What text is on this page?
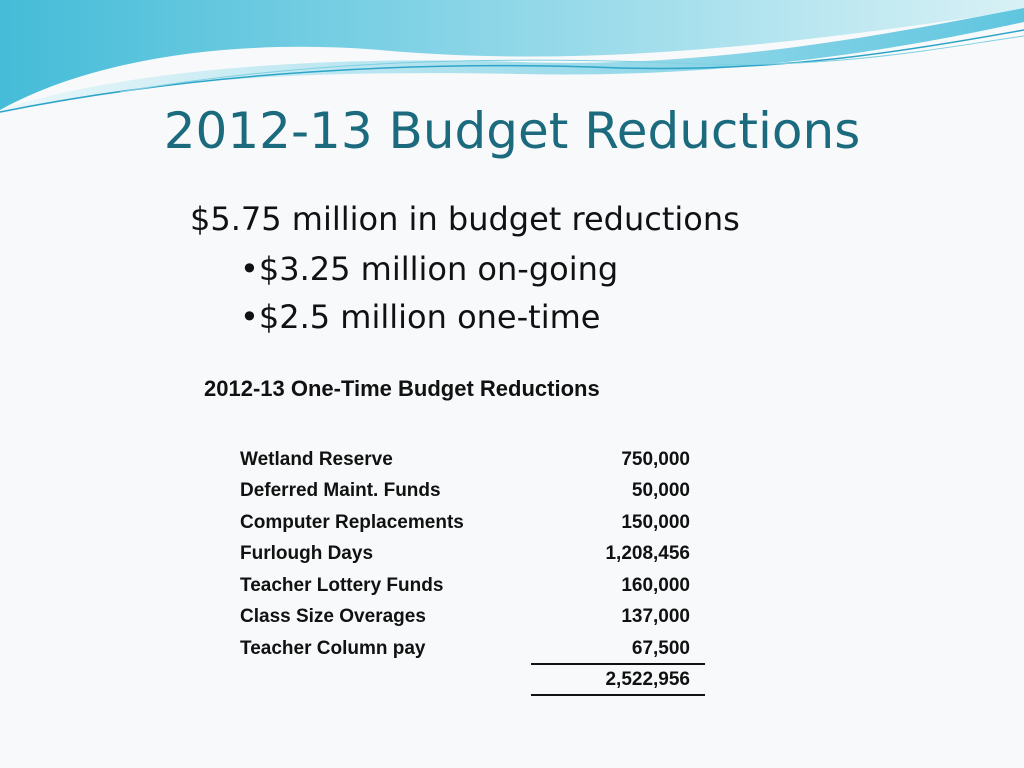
2012-13 Budget Reductions
$5.75 million in budget reductions
•$3.25 million on-going
•$2.5 million one-time
2012-13 One-Time Budget Reductions
Wetland Reserve	750,000
Deferred Maint. Funds	50,000
Computer Replacements	150,000
Furlough Days	1,208,456
Teacher Lottery Funds	160,000
Class Size Overages	137,000
Teacher Column pay	67,500
2,522,956
